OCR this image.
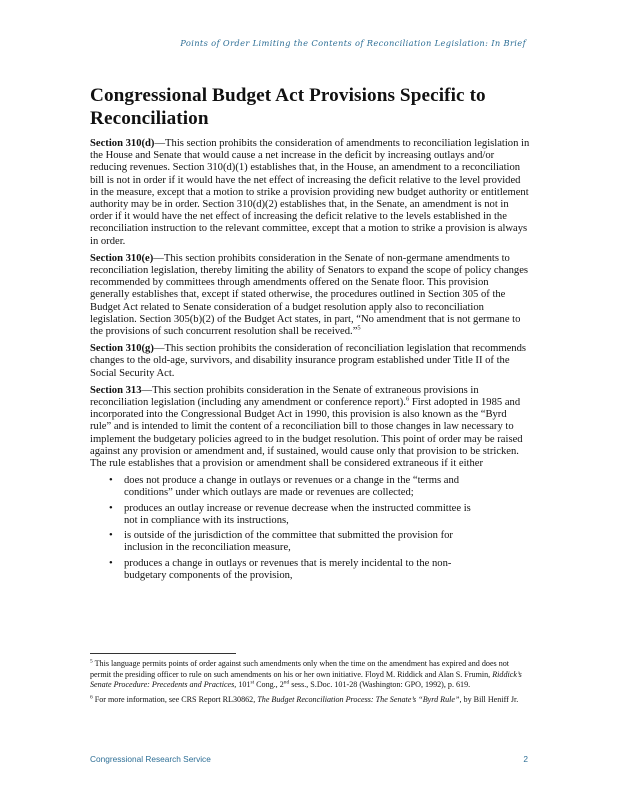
Points of Order Limiting the Contents of Reconciliation Legislation: In Brief
Congressional Budget Act Provisions Specific to Reconciliation

Section 310(d)—This section prohibits the consideration of amendments to reconciliation legislation in the House and Senate that would cause a net increase in the deficit by increasing outlays and/or reducing revenues. Section 310(d)(1) establishes that, in the House, an amendment to a reconciliation bill is not in order if it would have the net effect of increasing the deficit relative to the level provided in the measure, except that a motion to strike a provision providing new budget authority or entitlement authority may be in order. Section 310(d)(2) establishes that, in the Senate, an amendment is not in order if it would have the net effect of increasing the deficit relative to the levels established in the reconciliation instruction to the relevant committee, except that a motion to strike a provision is always in order.

Section 310(e)—This section prohibits consideration in the Senate of non-germane amendments to reconciliation legislation, thereby limiting the ability of Senators to expand the scope of policy changes recommended by committees through amendments offered on the Senate floor. This provision generally establishes that, except if stated otherwise, the procedures outlined in Section 305 of the Budget Act related to Senate consideration of a budget resolution apply also to reconciliation legislation. Section 305(b)(2) of the Budget Act states, in part, “No amendment that is not germane to the provisions of such concurrent resolution shall be received.”$^5$

Section 310(g)—This section prohibits the consideration of reconciliation legislation that recommends changes to the old-age, survivors, and disability insurance program established under Title II of the Social Security Act.

Section 313—This section prohibits consideration in the Senate of extraneous provisions in reconciliation legislation (including any amendment or conference report).$^6$ First adopted in 1985 and incorporated into the Congressional Budget Act in 1990, this provision is also known as the “Byrd rule” and is intended to limit the content of a reconciliation bill to those changes in law necessary to implement the budgetary policies agreed to in the budget resolution. This point of order may be raised against any provision or amendment and, if sustained, would cause only that provision to be stricken. The rule establishes that a provision or amendment shall be considered extraneous if it either

• does not produce a change in outlays or revenues or a change in the “terms and conditions” under which outlays are made or revenues are collected;
• produces an outlay increase or revenue decrease when the instructed committee is not in compliance with its instructions,
• is outside of the jurisdiction of the committee that submitted the provision for inclusion in the reconciliation measure,
• produces a change in outlays or revenues that is merely incidental to the non-budgetary components of the provision,

$^5$ This language permits points of order against such amendments only when the time on the amendment has expired and does not permit the presiding officer to rule on such amendments on his or her own initiative. Floyd M. Riddick and Alan S. Frumin, Riddick’s Senate Procedure: Precedents and Practices, 101st Cong., 2nd sess., S.Doc. 101-28 (Washington: GPO, 1992), p. 619.

$^6$ For more information, see CRS Report RL30862, The Budget Reconciliation Process: The Senate’s “Byrd Rule”, by Bill Heniff Jr.

Congressional Research Service	2
